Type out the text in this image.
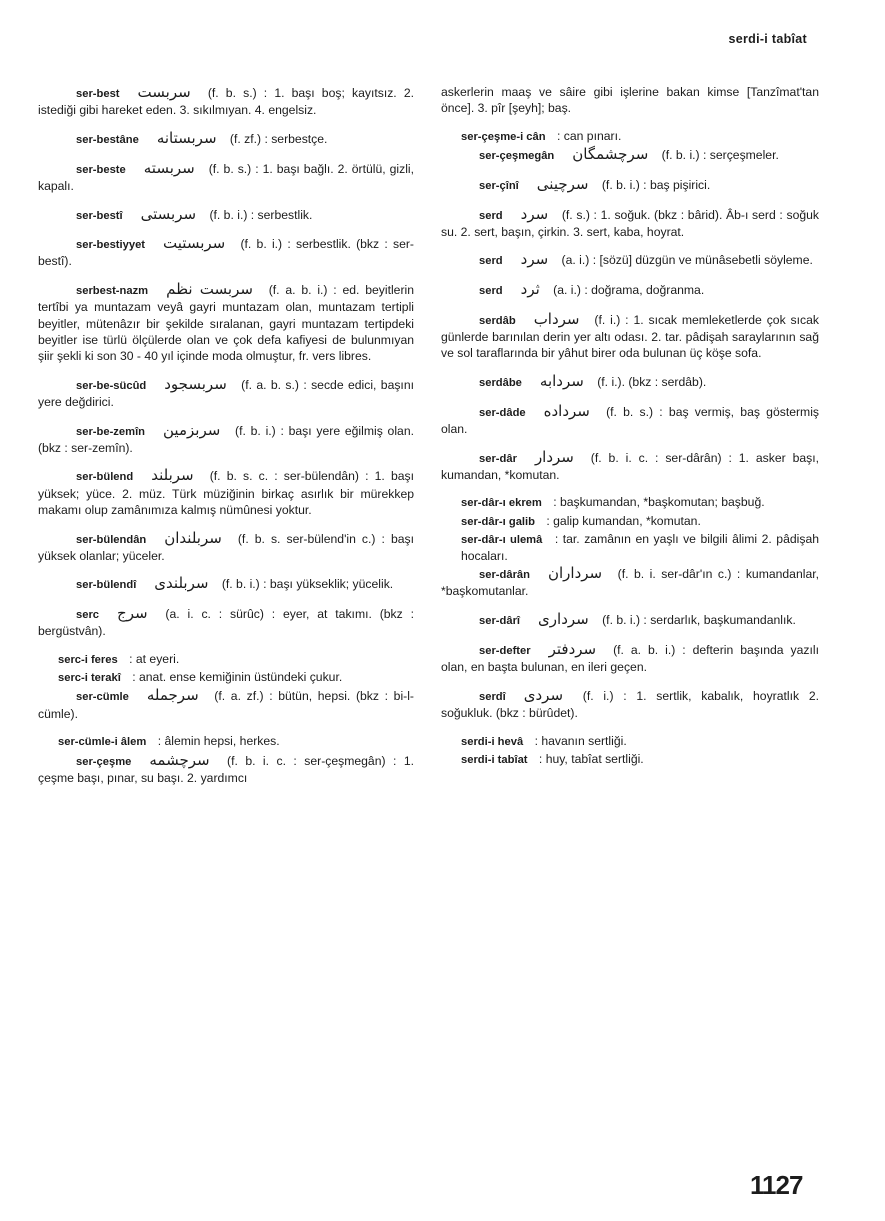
serdi-i tabîat

ser-best سربست (f. b. s.) : 1. başı boş; kayıtsız. 2. istediği gibi hareket eden. 3. sıkılmıyan. 4. engelsiz.

ser-bestâne سربستانه (f. zf.) : serbestçe.

ser-beste سربسته (f. b. s.) : 1. başı bağlı. 2. örtülü, gizli, kapalı.

ser-bestî سربستى (f. b. i.) : serbestlik.

ser-bestiyyet سربستيت (f. b. i.) : serbestlik. (bkz : ser-bestî).

serbest-nazm سربست نظم (f. a. b. i.) : ed. beyitlerin tertîbi ya muntazam veyâ gayri muntazam olan, muntazam tertipli beyitler, mütenâzır bir şekilde sıralanan, gayri muntazam tertipdeki beyitler ise türlü ölçülerde olan ve çok defa kafiyesi de bulunmıyan şiir şekli ki son 30 - 40 yıl içinde moda olmuştur, fr. vers libres.

ser-be-sücûd سربسجود (f. a. b. s.) : secde edici, başını yere değdirici.

ser-be-zemîn سربزمين (f. b. i.) : başı yere eğilmiş olan. (bkz : ser-zemîn).

ser-bülend سربلند (f. b. s. c. : ser-bülendân) : 1. başı yüksek; yüce. 2. müz. Türk müziğinin birkaç asırlık bir mürekkep makamı olup zamânımıza kalmış nümûnesi yoktur.

ser-bülendân سربلندان (f. b. s. ser-bülend'in c.) : başı yüksek olanlar; yüceler.

ser-bülendî سربلندى (f. b. i.) : başı yükseklik; yücelik.

serc سرج (a. i. c. : sürûc) : eyer, at takımı. (bkz : bergüstvân).

serc-i feres : at eyeri.

serc-i terakî : anat. ense kemiğinin üstündeki çukur.

ser-cümle سرجمله (f. a. zf.) : bütün, hepsi. (bkz : bi-l-cümle).

ser-cümle-i âlem : âlemin hepsi, herkes.

ser-çeşme سرچشمه (f. b. i. c. : ser-çeşmegân) : 1. çeşme başı, pınar, su başı. 2. yardımcı

askerlerin maaş ve sâire gibi işlerine bakan kimse [Tanzîmat'tan önce]. 3. pîr [şeyh]; baş.

ser-çeşme-i cân : can pınarı.

ser-çeşmegân سرچشمگان (f. b. i.) : serçeşmeler.

ser-çînî سرچينى (f. b. i.) : baş pişirici.

serd سرد (f. s.) : 1. soğuk. (bkz : bârid). Âb-ı serd : soğuk su. 2. sert, başın, çirkin. 3. sert, kaba, hoyrat.

serd سرد (a. i.) : [sözü] düzgün ve münâsebetli söyleme.

serd ثرد (a. i.) : doğrama, doğranma.

serdâb سرداب (f. i.) : 1. sıcak memleketlerde çok sıcak günlerde barınılan derin yer altı odası. 2. tar. pâdişah saraylarının sağ ve sol taraflarında bir yâhut birer oda bulunan üç köşe sofa.

serdâbe سردابه (f. i.). (bkz : serdâb).

ser-dâde سرداده (f. b. s.) : baş vermiş, baş göstermiş olan.

ser-dâr سردار (f. b. i. c. : ser-dârân) : 1. asker başı, kumandan, *komutan.

ser-dâr-ı ekrem : başkumandan, *başkomutan; başbuğ.

ser-dâr-ı galib : galip kumandan, *komutan.

ser-dâr-ı ulemâ : tar. zamânın en yaşlı ve bilgili âlimi 2. pâdişah hocaları.

ser-dârân سرداران (f. b. i. ser-dâr'ın c.) : kumandanlar, *başkomutanlar.

ser-dârî سردارى (f. b. i.) : serdarlık, başkumandanlık.

ser-defter سردفتر (f. a. b. i.) : defterin başında yazılı olan, en başta bulunan, en ileri geçen.

serdî سردى (f. i.) : 1. sertlik, kabalık, hoyratlık 2. soğukluk. (bkz : bürûdet).

serdi-i hevâ : havanın sertliği.

serdi-i tabîat : huy, tabîat sertliği.

1127
